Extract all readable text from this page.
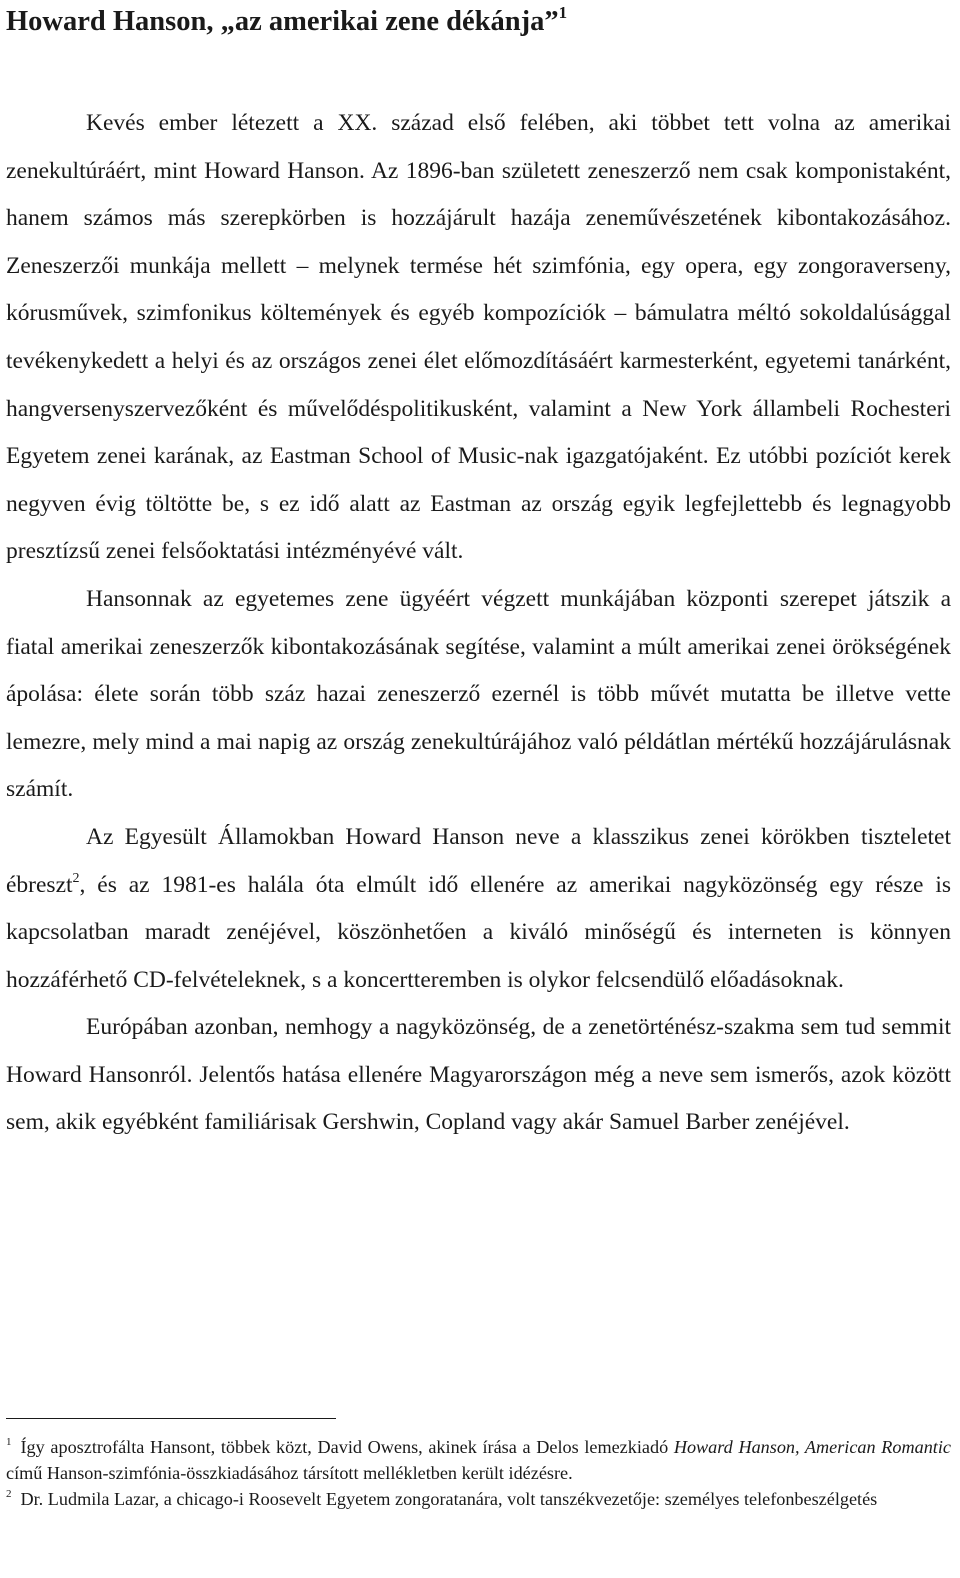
Howard Hanson, „az amerikai zene dékánja”$^1$

Kevés ember létezett a XX. század első felében, aki többet tett volna az amerikai zenekultúráért, mint Howard Hanson. Az 1896-ban született zeneszerző nem csak komponistaként, hanem számos más szerepkörben is hozzájárult hazája zeneművészetének kibontakozásához. Zeneszerzői munkája mellett – melynek termése hét szimfónia, egy opera, egy zongoraverseny, kórusművek, szimfonikus költemények és egyéb kompozíciók – bámulatra méltó sokoldalúsággal tevékenykedett a helyi és az országos zenei élet előmozdításáért karmesterként, egyetemi tanárként, hangversenyszervezőként és művelődéspolitikusként, valamint a New York állambeli Rochesteri Egyetem zenei karának, az Eastman School of Music-nak igazgatójaként. Ez utóbbi pozíciót kerek negyven évig töltötte be, s ez idő alatt az Eastman az ország egyik legfejlettebb és legnagyobb presztízsű zenei felsőoktatási intézményévé vált.

Hansonnak az egyetemes zene ügyéért végzett munkájában központi szerepet játszik a fiatal amerikai zeneszerzők kibontakozásának segítése, valamint a múlt amerikai zenei örökségének ápolása: élete során több száz hazai zeneszerző ezernél is több művét mutatta be illetve vette lemezre, mely mind a mai napig az ország zenekultúrájához való példátlan mértékű hozzájárulásnak számít.

Az Egyesült Államokban Howard Hanson neve a klasszikus zenei körökben tiszteletet ébreszt$^2$, és az 1981-es halála óta elmúlt idő ellenére az amerikai nagyközönség egy része is kapcsolatban maradt zenéjével, köszönhetően a kiváló minőségű és interneten is könnyen hozzáférhető CD-felvételeknek, s a koncertteremben is olykor felcsendülő előadásoknak.

Európában azonban, nemhogy a nagyközönség, de a zenetörténész-szakma sem tud semmit Howard Hansonról. Jelentős hatása ellenére Magyarországon még a neve sem ismerős, azok között sem, akik egyébként familiárisak Gershwin, Copland vagy akár Samuel Barber zenéjével.

$^1$ Így aposztrofálta Hansont, többek közt, David Owens, akinek írása a Delos lemezkiadó Howard Hanson, American Romantic című Hanson-szimfónia-összkiadásához társított mellékletben került idézésre.

$^2$ Dr. Ludmila Lazar, a chicago-i Roosevelt Egyetem zongoratanára, volt tanszékvezetője: személyes telefonbeszélgetés
